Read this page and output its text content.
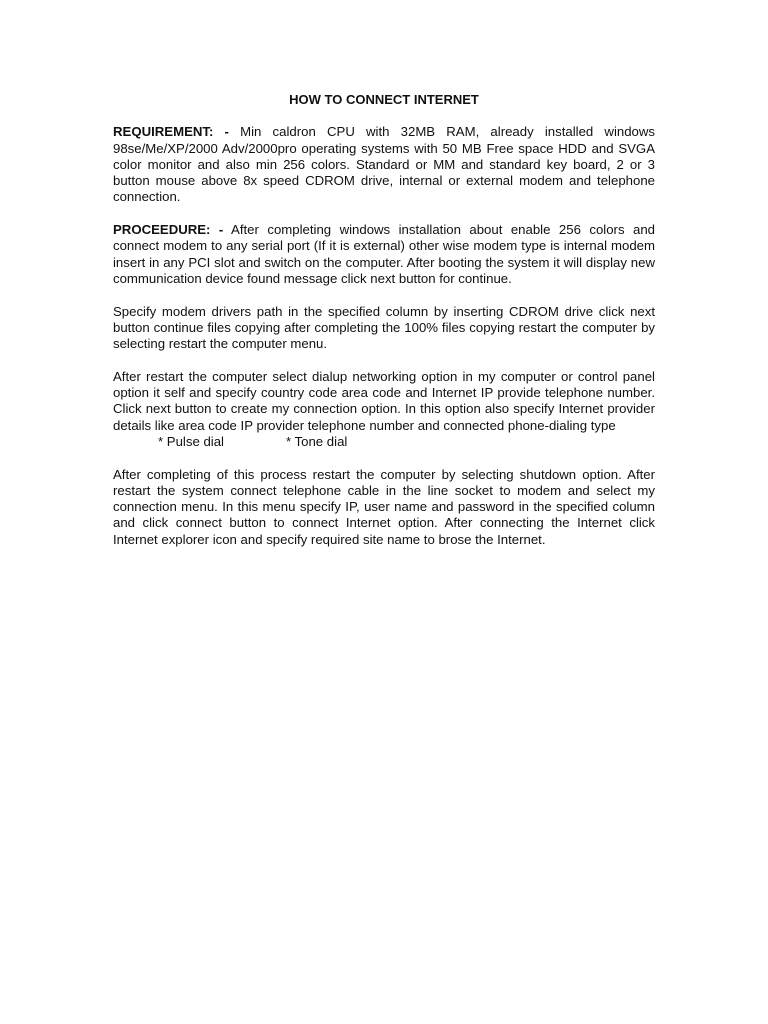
HOW TO CONNECT INTERNET

REQUIREMENT: - Min caldron CPU with 32MB RAM, already installed windows 98se/Me/XP/2000 Adv/2000pro operating systems with 50 MB Free space HDD and SVGA color monitor and also min 256 colors. Standard or MM and standard key board, 2 or 3 button mouse above 8x speed CDROM drive, internal or external modem and telephone connection.

PROCEEDURE: - After completing windows installation about enable 256 colors and connect modem to any serial port (If it is external) other wise modem type is internal modem insert in any PCI slot and switch on the computer. After booting the system it will display new communication device found message click next button for continue.

Specify modem drivers path in the specified column by inserting CDROM drive click next button continue files copying after completing the 100% files copying restart the computer by selecting restart the computer menu.

After restart the computer select dialup networking option in my computer or control panel option it self and specify country code area code and Internet IP provide telephone number. Click next button to create my connection option. In this option also specify Internet provider details like area code IP provider telephone number and connected phone-dialing type
* Pulse dial	* Tone dial

After completing of this process restart the computer by selecting shutdown option. After restart the system connect telephone cable in the line socket to modem and select my connection menu. In this menu specify IP, user name and password in the specified column and click connect button to connect Internet option. After connecting the Internet click Internet explorer icon and specify required site name to brose the Internet.
